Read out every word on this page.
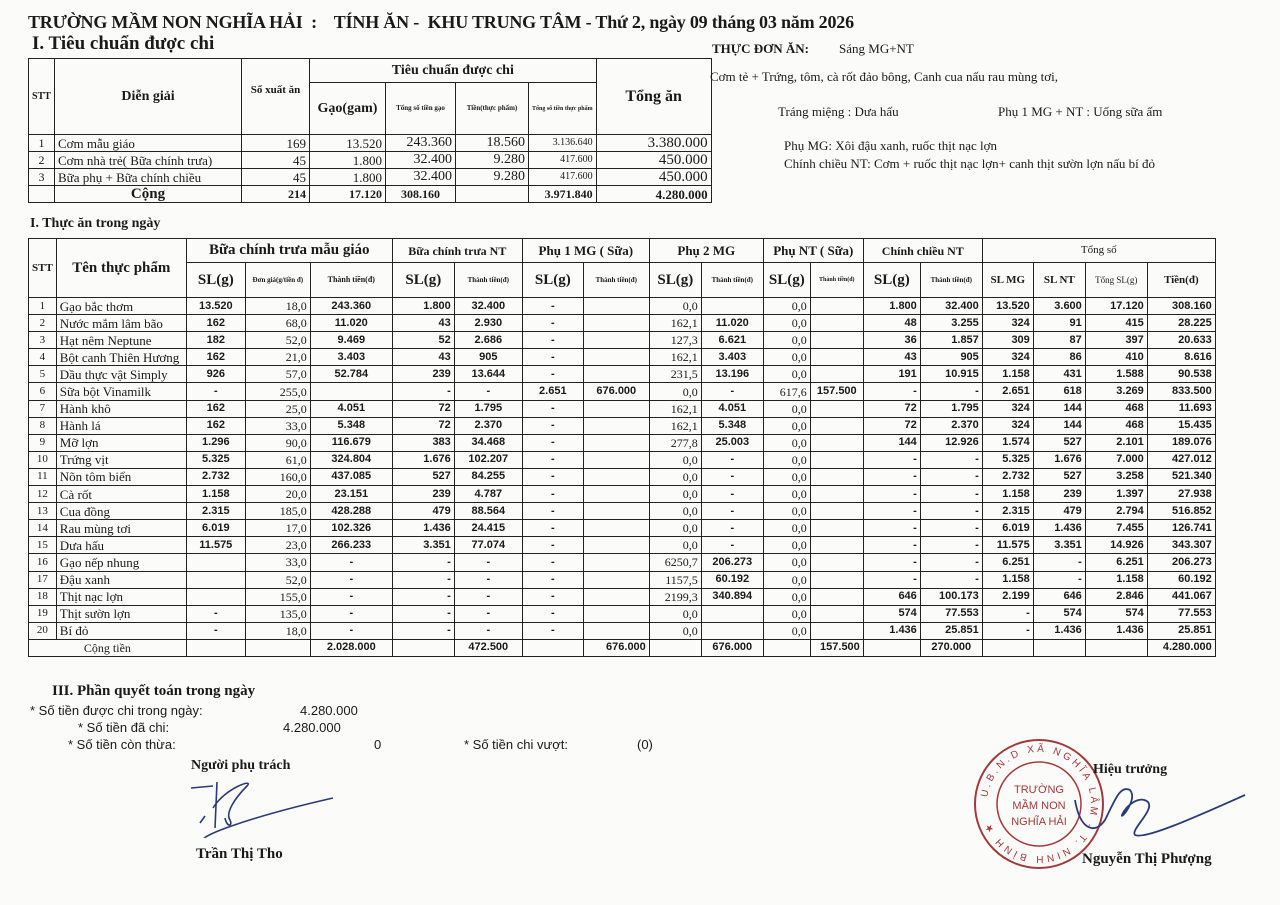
TRƯỜNG MẦM NON NGHĨA HẢI  : TÍNH ĂN -  KHU TRUNG TÂM - Thứ 2, ngày 09 tháng 03 năm 2026
I. Tiêu chuẩn được chi
STT	Diễn giải	Số xuất ăn	Tiêu chuẩn được chi				Tổng ăn
			Gạo(gam)	Tổng số tiền gạo	Tiền(thực phẩm)	Tổng số tiền thực phẩm	
1	Cơm mẫu giáo	169	13.520	243.360	18.560	3.136.640	3.380.000
2	Cơm nhà trẻ( Bữa chính trưa)	45	1.800	32.400	9.280	417.600	450.000
3	Bữa phụ + Bữa chính chiều	45	1.800	32.400	9.280	417.600	450.000
	Cộng	214	17.120	308.160		3.971.840	4.280.000
THỰC ĐƠN ĂN: Sáng MG+NT
Cơm tẻ + Trứng, tôm, cà rốt đảo bông, Canh cua nấu rau mùng tơi,
Tráng miệng : Dưa hấu	Phụ 1 MG + NT : Uống sữa ấm
Phụ MG: Xôi đậu xanh, ruốc thịt nạc lợn
Chính chiều NT: Cơm + ruốc thịt nạc lợn+ canh thịt sườn lợn nấu bí đỏ
I. Thực ăn trong ngày
STT	Tên thực phẩm	Bữa chính trưa mẫu giáo			Bữa chính trưa NT		Phụ 1 MG ( Sữa)		Phụ 2 MG		Phụ NT ( Sữa)		Chính chiều NT		Tổng số			
		SL(g)	Đơn giá(g/tiền đ)	Thành tiền(đ)	SL(g)	Thành tiền(đ)	SL(g)	Thành tiền(đ)	SL(g)	Thành tiền(đ)	SL(g)	Thành tiền(đ)	SL(g)	Thành tiền(đ)	SL MG	SL NT	Tổng SL(g)	Tiền(đ)
1	Gạo bắc thơm	13.520	18,0	243.360	1.800	32.400	-		0,0		0,0		1.800	32.400	13.520	3.600	17.120	308.160
2	Nước mắm lâm bão	162	68,0	11.020	43	2.930	-		162,1	11.020	0,0		48	3.255	324	91	415	28.225
3	Hạt nêm Neptune	182	52,0	9.469	52	2.686	-		127,3	6.621	0,0		36	1.857	309	87	397	20.633
4	Bột canh Thiên Hương	162	21,0	3.403	43	905	-		162,1	3.403	0,0		43	905	324	86	410	8.616
5	Dầu thực vật Simply	926	57,0	52.784	239	13.644	-		231,5	13.196	0,0		191	10.915	1.158	431	1.588	90.538
6	Sữa bột Vinamilk	-	255,0		-	-	2.651	676.000	0,0	-	617,6	157.500	-	-	2.651	618	3.269	833.500
7	Hành khô	162	25,0	4.051	72	1.795	-		162,1	4.051	0,0		72	1.795	324	144	468	11.693
8	Hành lá	162	33,0	5.348	72	2.370	-		162,1	5.348	0,0		72	2.370	324	144	468	15.435
9	Mỡ lợn	1.296	90,0	116.679	383	34.468	-		277,8	25.003	0,0		144	12.926	1.574	527	2.101	189.076
10	Trứng vịt	5.325	61,0	324.804	1.676	102.207	-		0,0	-	0,0		-	-	5.325	1.676	7.000	427.012
11	Nõn tôm biển	2.732	160,0	437.085	527	84.255	-		0,0	-	0,0		-	-	2.732	527	3.258	521.340
12	Cà rốt	1.158	20,0	23.151	239	4.787	-		0,0	-	0,0		-	-	1.158	239	1.397	27.938
13	Cua đồng	2.315	185,0	428.288	479	88.564	-		0,0	-	0,0		-	-	2.315	479	2.794	516.852
14	Rau mùng tơi	6.019	17,0	102.326	1.436	24.415	-		0,0	-	0,0		-	-	6.019	1.436	7.455	126.741
15	Dưa hấu	11.575	23,0	266.233	3.351	77.074	-		0,0	-	0,0		-	-	11.575	3.351	14.926	343.307
16	Gạo nếp nhung		33,0	-	-	-	-		6250,7	206.273	0,0		-	-	6.251	-	6.251	206.273
17	Đậu xanh		52,0	-	-	-	-		1157,5	60.192	0,0		-	-	1.158	-	1.158	60.192
18	Thịt nạc lợn		155,0	-	-	-	-		2199,3	340.894	0,0		646	100.173	2.199	646	2.846	441.067
19	Thịt sườn lợn	-	135,0	-	-	-	-		0,0		0,0		574	77.553	-	574	574	77.553
20	Bí đỏ	-	18,0	-	-	-	-		0,0		0,0		1.436	25.851	-	1.436	1.436	25.851
Cộng tiền				2.028.000		472.500		676.000		676.000		157.500		270.000				4.280.000
III. Phần quyết toán trong ngày
* Số tiền được chi trong ngày:	4.280.000
* Số tiền đã chi:	4.280.000
* Số tiền còn thừa:	0	* Số tiền chi vượt:	(0)
Người phụ trách
Trần Thị Tho
U.B.N.D XÃ NGHĨA LÂM - T. NINH BÌNH ★
TRƯỜNG
MẦM NON
NGHĨA HẢI
Hiệu trưởng
Nguyễn Thị Phượng
